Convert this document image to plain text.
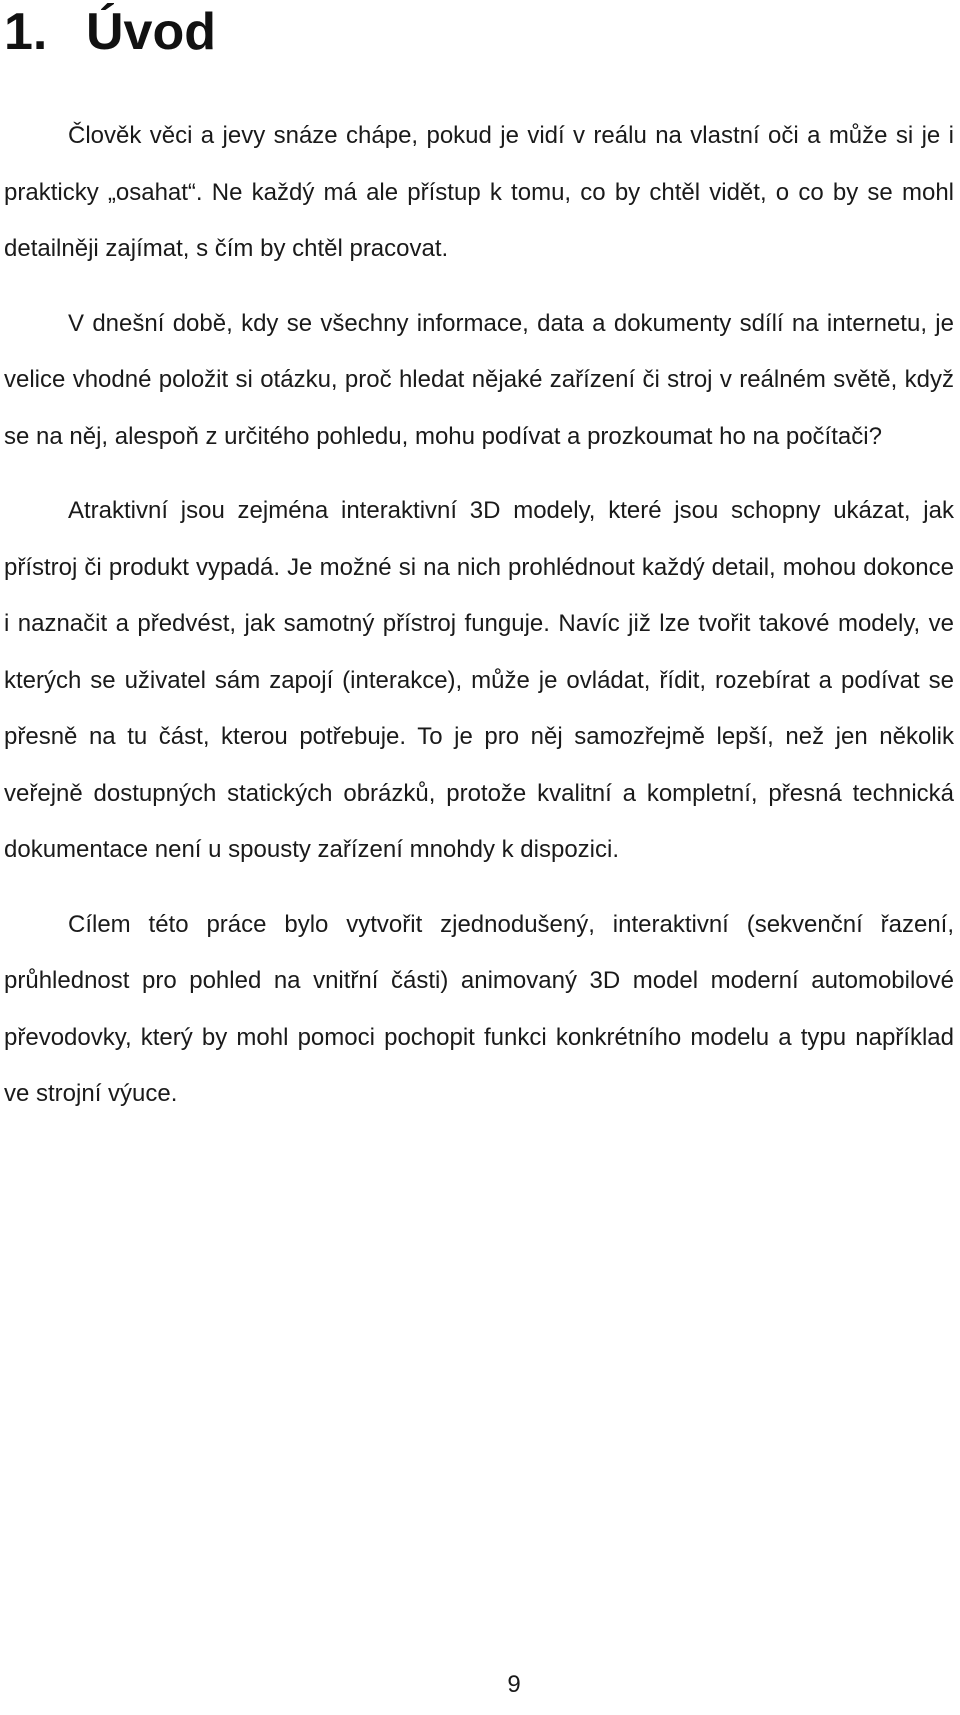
1. Úvod

Člověk věci a jevy snáze chápe, pokud je vidí v reálu na vlastní oči a může si je i prakticky „osahat“. Ne každý má ale přístup k tomu, co by chtěl vidět, o co by se mohl detailněji zajímat, s čím by chtěl pracovat.

V dnešní době, kdy se všechny informace, data a dokumenty sdílí na internetu, je velice vhodné položit si otázku, proč hledat nějaké zařízení či stroj v reálném světě, když se na něj, alespoň z určitého pohledu, mohu podívat a prozkoumat ho na počítači?

Atraktivní jsou zejména interaktivní 3D modely, které jsou schopny ukázat, jak přístroj či produkt vypadá. Je možné si na nich prohlédnout každý detail, mohou dokonce i naznačit a předvést, jak samotný přístroj funguje. Navíc již lze tvořit takové modely, ve kterých se uživatel sám zapojí (interakce), může je ovládat, řídit, rozebírat a podívat se přesně na tu část, kterou potřebuje. To je pro něj samozřejmě lepší, než jen několik veřejně dostupných statických obrázků, protože kvalitní a kompletní, přesná technická dokumentace není u spousty zařízení mnohdy k dispozici.

Cílem této práce bylo vytvořit zjednodušený, interaktivní (sekvenční řazení, průhlednost pro pohled na vnitřní části) animovaný 3D model moderní automobilové převodovky, který by mohl pomoci pochopit funkci konkrétního modelu a typu například ve strojní výuce.

9
